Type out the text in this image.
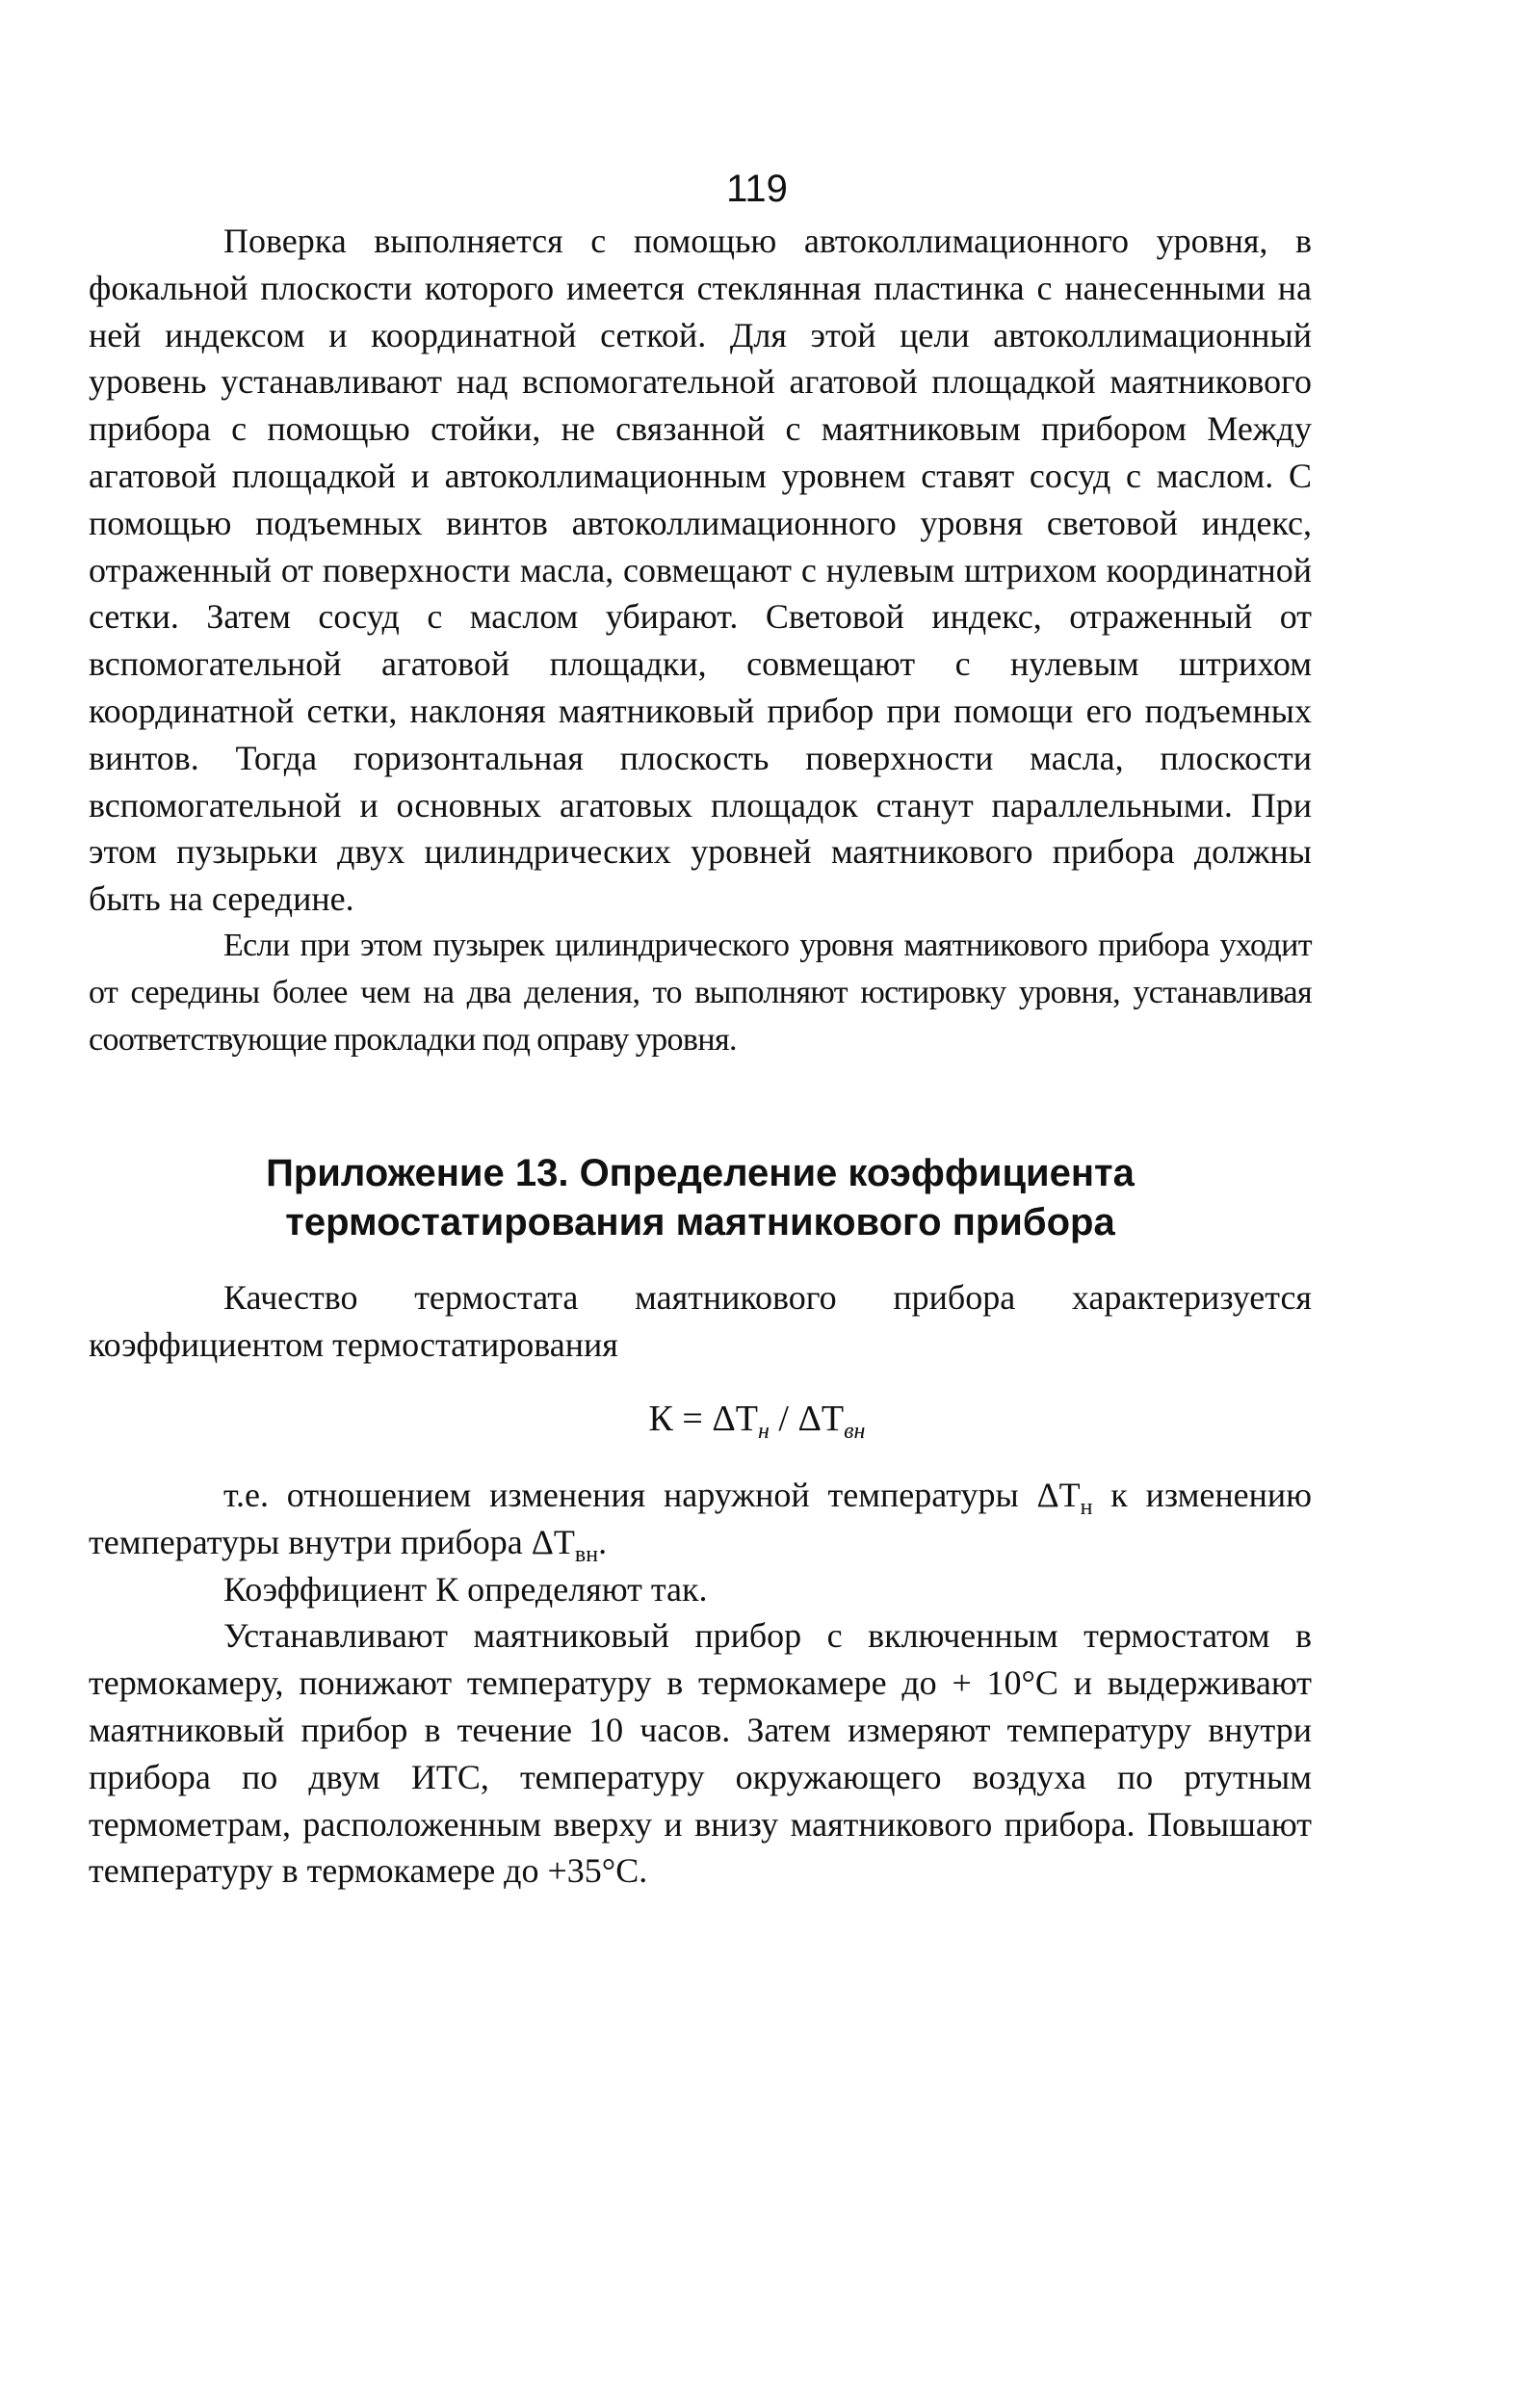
119

Поверка выполняется с помощью автоколлимационного уровня, в фокальной плоскости которого имеется стеклянная пластинка с нанесенными на ней индексом и координатной сеткой. Для этой цели автоколлимационный уровень устанавливают над вспомогательной агатовой площадкой маятникового прибора с помощью стойки, не связанной с маятниковым прибором Между агатовой площадкой и автоколлимационным уровнем ставят сосуд с маслом. С помощью подъемных винтов автоколлимационного уровня световой индекс, отраженный от поверхности масла, совмещают с нулевым штрихом координатной сетки. Затем сосуд с маслом убирают. Световой индекс, отраженный от вспомогательной агатовой площадки, совмещают с нулевым штрихом координатной сетки, наклоняя маятниковый прибор при помощи его подъемных винтов. Тогда горизонтальная плоскость поверхности масла, плоскости вспомогательной и основных агатовых площадок станут параллельными. При этом пузырьки двух цилиндрических уровней маятникового прибора должны быть на середине.

Если при этом пузырек цилиндрического уровня маятникового прибора уходит от середины более чем на два деления, то выполняют юстировку уровня, устанавливая соответствующие прокладки под оправу уровня.

Приложение 13. Определение коэффициента
термостатирования маятникового прибора

Качество термостата маятникового прибора характеризуется коэффициентом термостатирования

$К = \Delta Т_н / \Delta Т_{вн}$

т.е. отношением изменения наружной температуры $\Delta Т_н$ к изменению температуры внутри прибора $\Delta Т_{вн}$.

Коэффициент К определяют так.

Устанавливают маятниковый прибор с включенным термостатом в термокамеру, понижают температуру в термокамере до + 10°С и выдерживают маятниковый прибор в течение 10 часов. Затем измеряют температуру внутри прибора по двум ИТС, температуру окружающего воздуха по ртутным термометрам, расположенным вверху и внизу маятникового прибора. Повышают температуру в термокамере до +35°С.
